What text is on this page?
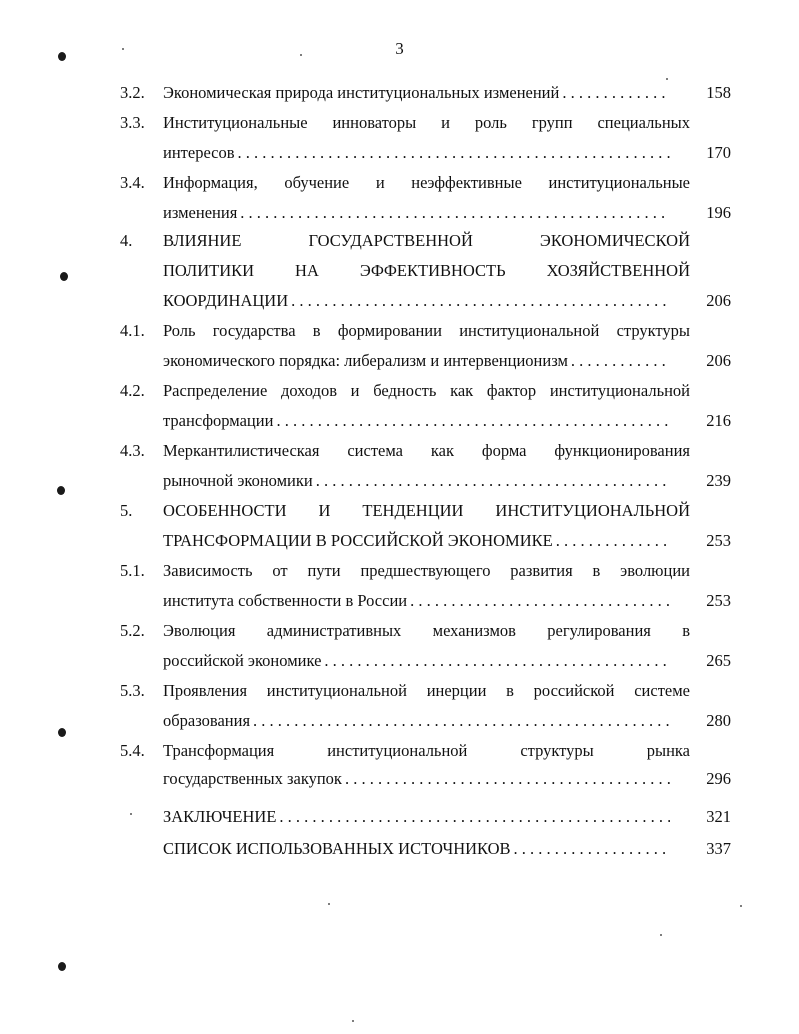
3
3.2. Экономическая природа институциональных изменений . . .	158
3.3. Институциональные инноваторы и роль групп специальных
интересов . . .	170
3.4. Информация, обучение и неэффективные институциональные
изменения . . .	196
4. ВЛИЯНИЕ ГОСУДАРСТВЕННОЙ ЭКОНОМИЧЕСКОЙ
ПОЛИТИКИ НА ЭФФЕКТИВНОСТЬ ХОЗЯЙСТВЕННОЙ
КООРДИНАЦИИ . . .	206
4.1. Роль государства в формировании институциональной структуры
экономического порядка: либерализм и интервенционизм . . .	206
4.2. Распределение доходов и бедность как фактор институциональной
трансформации . . .	216
4.3. Меркантилистическая система как форма функционирования
рыночной экономики . . .	239
5. ОСОБЕННОСТИ И ТЕНДЕНЦИИ ИНСТИТУЦИОНАЛЬНОЙ
ТРАНСФОРМАЦИИ В РОССИЙСКОЙ ЭКОНОМИКЕ . . .	253
5.1. Зависимость от пути предшествующего развития в эволюции
института собственности в России . . .	253
5.2. Эволюция административных механизмов регулирования в
российской экономике . . .	265
5.3. Проявления институциональной инерции в российской системе
образования . . .	280
5.4. Трансформация институциональной структуры рынка
государственных закупок . . .	296
ЗАКЛЮЧЕНИЕ . . .	321
СПИСОК ИСПОЛЬЗОВАННЫХ ИСТОЧНИКОВ . . .	337
